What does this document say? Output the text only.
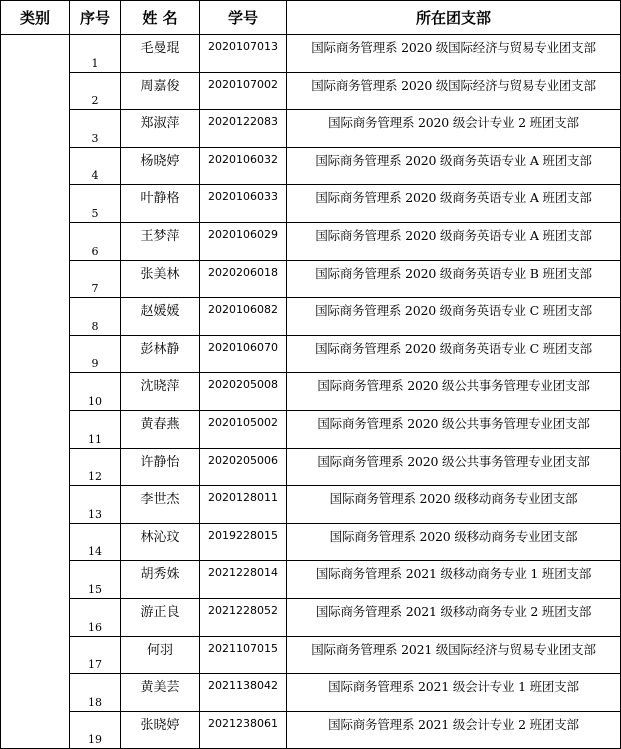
类别	序号	姓 名	学号	所在团支部
	1	毛曼琨	2020107013	国际商务管理系 2020 级国际经济与贸易专业团支部
	2	周嘉俊	2020107002	国际商务管理系 2020 级国际经济与贸易专业团支部
	3	郑淑萍	2020122083	国际商务管理系 2020 级会计专业 2 班团支部
	4	杨晓婷	2020106032	国际商务管理系 2020 级商务英语专业 A 班团支部
	5	叶静格	2020106033	国际商务管理系 2020 级商务英语专业 A 班团支部
	6	王梦萍	2020106029	国际商务管理系 2020 级商务英语专业 A 班团支部
	7	张美林	2020206018	国际商务管理系 2020 级商务英语专业 B 班团支部
	8	赵媛媛	2020106082	国际商务管理系 2020 级商务英语专业 C 班团支部
	9	彭林静	2020106070	国际商务管理系 2020 级商务英语专业 C 班团支部
	10	沈晓萍	2020205008	国际商务管理系 2020 级公共事务管理专业团支部
	11	黄春燕	2020105002	国际商务管理系 2020 级公共事务管理专业团支部
	12	许静怡	2020205006	国际商务管理系 2020 级公共事务管理专业团支部
	13	李世杰	2020128011	国际商务管理系 2020 级移动商务专业团支部
	14	林沁玟	2019228015	国际商务管理系 2020 级移动商务专业团支部
	15	胡秀姝	2021228014	国际商务管理系 2021 级移动商务专业 1 班团支部
	16	游正良	2021228052	国际商务管理系 2021 级移动商务专业 2 班团支部
	17	何羽	2021107015	国际商务管理系 2021 级国际经济与贸易专业团支部
	18	黄美芸	2021138042	国际商务管理系 2021 级会计专业 1 班团支部
	19	张晓婷	2021238061	国际商务管理系 2021 级会计专业 2 班团支部
